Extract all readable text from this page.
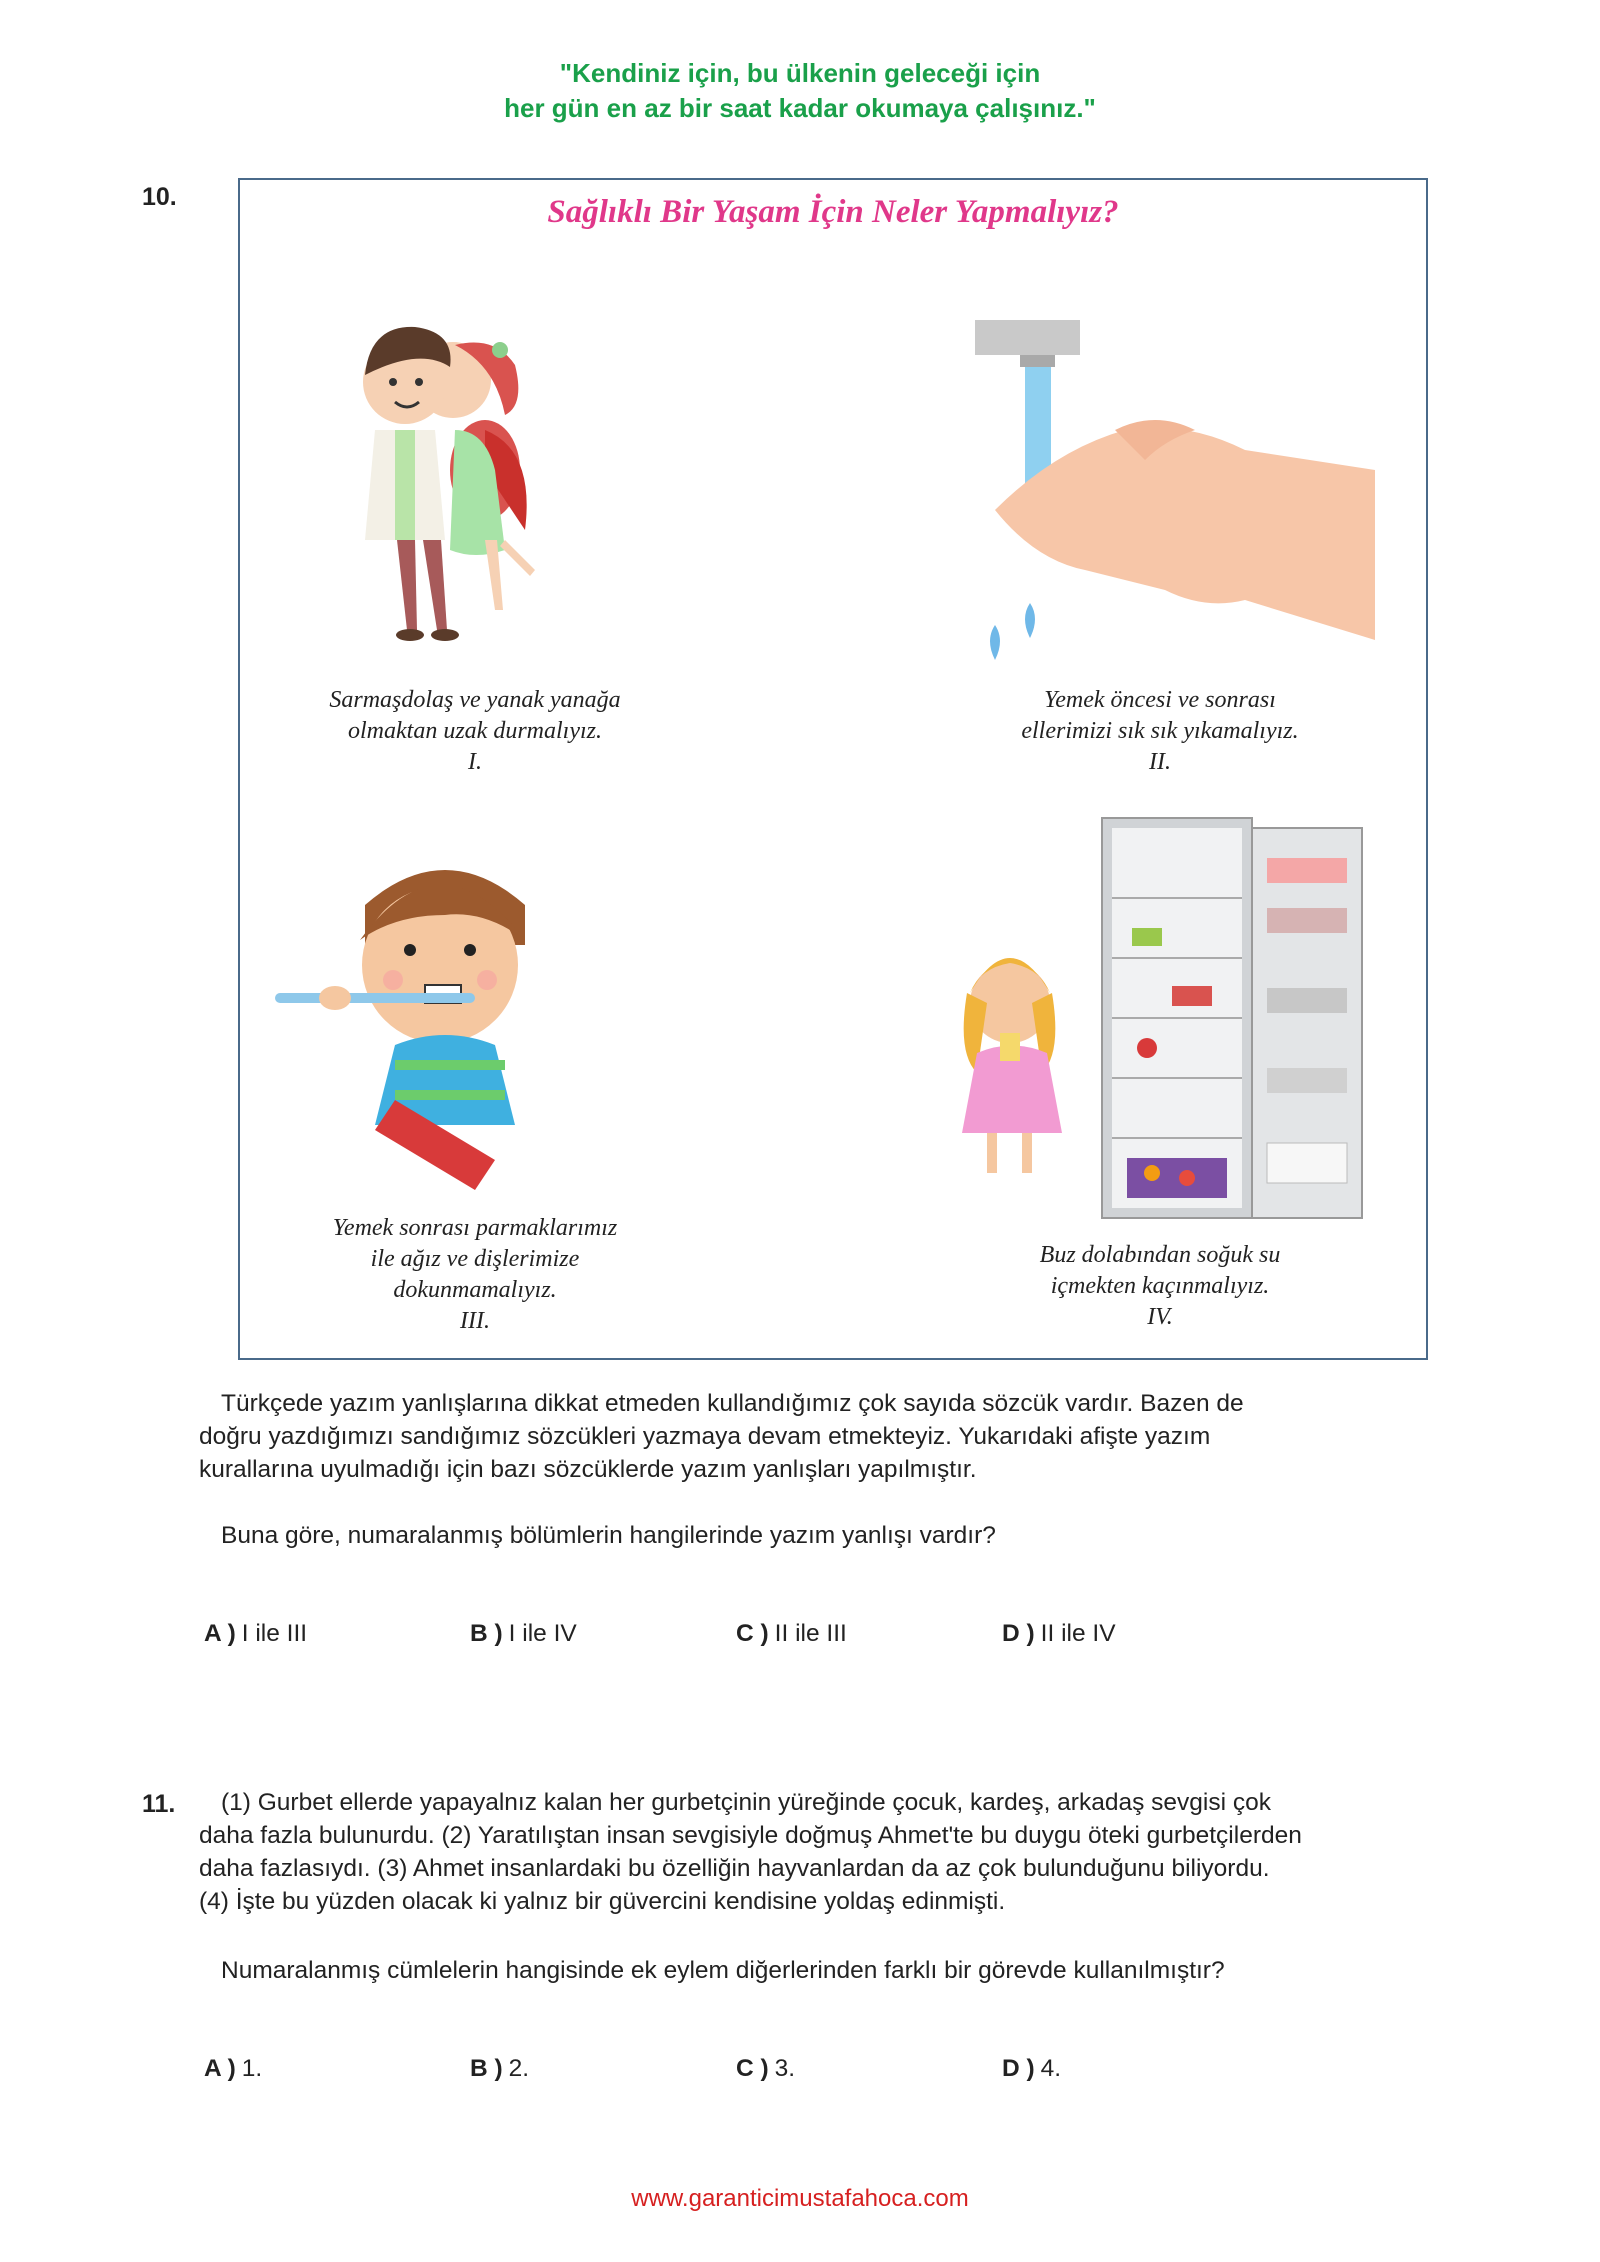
"Kendiniz için, bu ülkenin geleceği için
her gün en az bir saat kadar okumaya çalışınız."
10.	Sağlıklı Bir Yaşam İçin Neler Yapmalıyız?
Sarmaşdolaş ve yanak yanağa
olmaktan uzak durmalıyız.
I.
Yemek öncesi ve sonrası
ellerimizi sık sık yıkamalıyız.
II.
Yemek sonrası parmaklarımız
ile ağız ve dişlerimize
dokunmamalıyız.
III.
Buz dolabından soğuk su
içmekten kaçınmalıyız.
IV.
Türkçede yazım yanlışlarına dikkat etmeden kullandığımız çok sayıda sözcük vardır. Bazen de
doğru yazdığımızı sandığımız sözcükleri yazmaya devam etmekteyiz. Yukarıdaki afişte yazım
kurallarına uyulmadığı için bazı sözcüklerde yazım yanlışları yapılmıştır.
Buna göre, numaralanmış bölümlerin hangilerinde yazım yanlışı vardır?
A ) I ile III	B ) I ile IV	C ) II ile III	D ) II ile IV
11.	(1) Gurbet ellerde yapayalnız kalan her gurbetçinin yüreğinde çocuk, kardeş, arkadaş sevgisi çok
daha fazla bulunurdu. (2) Yaratılıştan insan sevgisiyle doğmuş Ahmet'te bu duygu öteki gurbetçilerden
daha fazlasıydı. (3) Ahmet insanlardaki bu özelliğin hayvanlardan da az çok bulunduğunu biliyordu.
(4) İşte bu yüzden olacak ki yalnız bir güvercini kendisine yoldaş edinmişti.
Numaralanmış cümlelerin hangisinde ek eylem diğerlerinden farklı bir görevde kullanılmıştır?
A ) 1.	B ) 2.	C ) 3.	D ) 4.
www.garanticimustafahoca.com
